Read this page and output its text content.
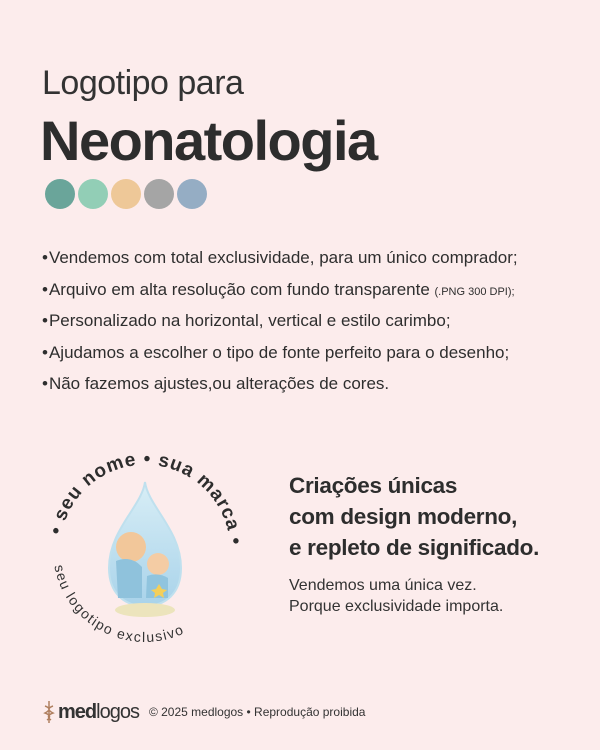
Logotipo para
Neonatologia
• Vendemos com total exclusividade, para um único comprador;
• Arquivo em alta resolução com fundo transparente (.PNG 300 DPI);
• Personalizado na horizontal, vertical e estilo carimbo;
• Ajudamos a escolher o tipo de fonte perfeito para o desenho;
• Não fazemos ajustes,ou alterações de cores.
• seu nome • sua marca •
seu logotipo exclusivo
Criações únicas
com design moderno,
e repleto de significado.
Vendemos uma única vez.
Porque exclusividade importa.
medlogos © 2025 medlogos • Reprodução proibida
